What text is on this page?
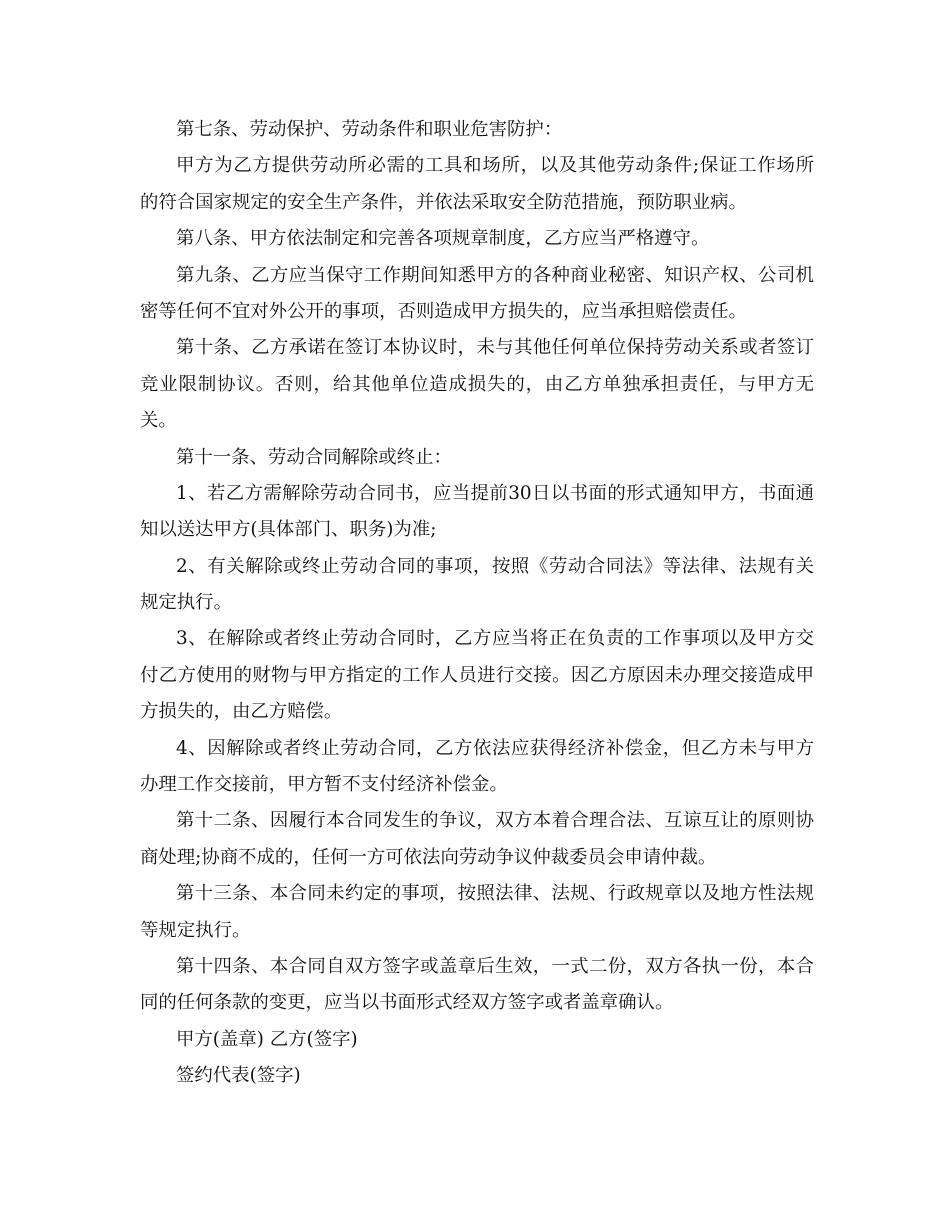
第七条、劳动保护、劳动条件和职业危害防护：
甲方为乙方提供劳动所必需的工具和场所，以及其他劳动条件;保证工作场所
的符合国家规定的安全生产条件，并依法采取安全防范措施，预防职业病。
第八条、甲方依法制定和完善各项规章制度，乙方应当严格遵守。
第九条、乙方应当保守工作期间知悉甲方的各种商业秘密、知识产权、公司机
密等任何不宜对外公开的事项，否则造成甲方损失的，应当承担赔偿责任。
第十条、乙方承诺在签订本协议时，未与其他任何单位保持劳动关系或者签订
竞业限制协议。否则，给其他单位造成损失的，由乙方单独承担责任，与甲方无
关。
第十一条、劳动合同解除或终止：
1、若乙方需解除劳动合同书，应当提前30日以书面的形式通知甲方，书面通
知以送达甲方(具体部门、职务)为准;
2、有关解除或终止劳动合同的事项，按照《劳动合同法》等法律、法规有关
规定执行。
3、在解除或者终止劳动合同时，乙方应当将正在负责的工作事项以及甲方交
付乙方使用的财物与甲方指定的工作人员进行交接。因乙方原因未办理交接造成甲
方损失的，由乙方赔偿。
4、因解除或者终止劳动合同，乙方依法应获得经济补偿金，但乙方未与甲方
办理工作交接前，甲方暂不支付经济补偿金。
第十二条、因履行本合同发生的争议，双方本着合理合法、互谅互让的原则协
商处理;协商不成的，任何一方可依法向劳动争议仲裁委员会申请仲裁。
第十三条、本合同未约定的事项，按照法律、法规、行政规章以及地方性法规
等规定执行。
第十四条、本合同自双方签字或盖章后生效，一式二份，双方各执一份，本合
同的任何条款的变更，应当以书面形式经双方签字或者盖章确认。
甲方(盖章) 乙方(签字)
签约代表(签字)
